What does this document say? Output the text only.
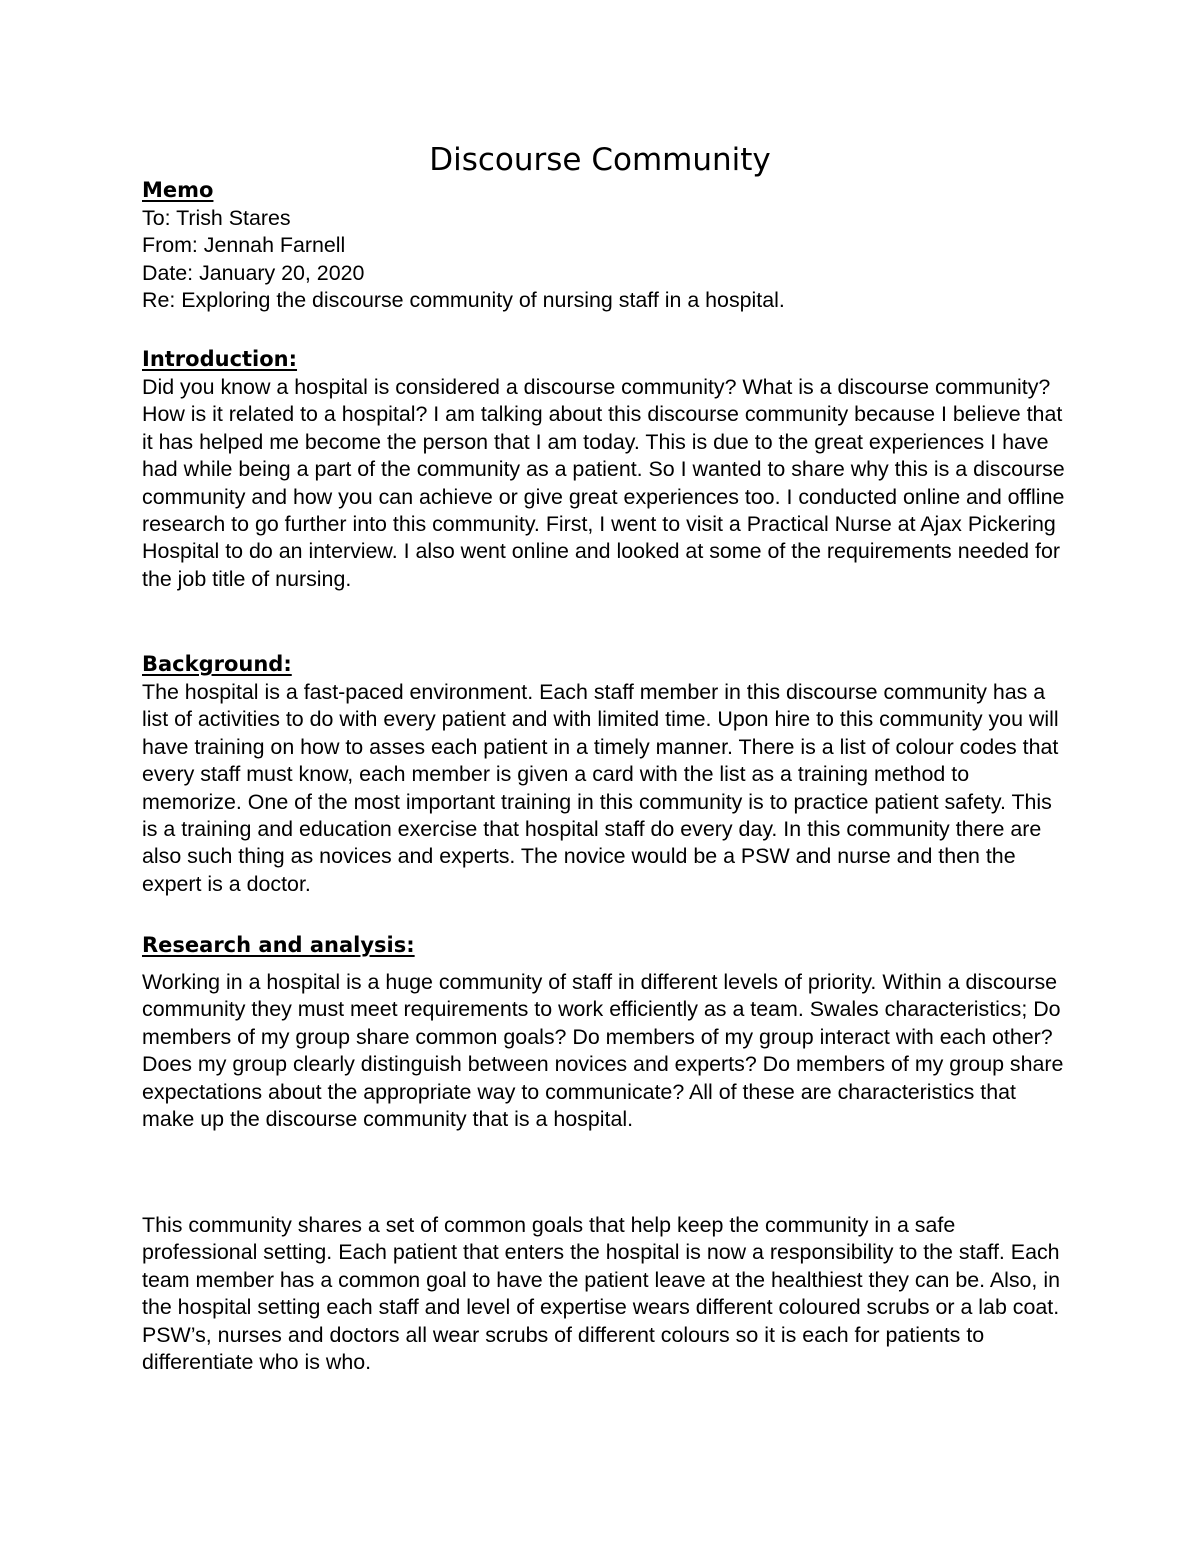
Discourse Community
Memo
To: Trish Stares
From: Jennah Farnell
Date: January 20, 2020
Re: Exploring the discourse community of nursing staff in a hospital.
Introduction:

Did you know a hospital is considered a discourse community? What is a discourse community? How is it related to a hospital? I am talking about this discourse community because I believe that it has helped me become the person that I am today. This is due to the great experiences I have had while being a part of the community as a patient. So I wanted to share why this is a discourse community and how you can achieve or give great experiences too. I conducted online and offline research to go further into this community. First, I went to visit a Practical Nurse at Ajax Pickering Hospital to do an interview. I also went online and looked at some of the requirements needed for the job title of nursing.

Background:

The hospital is a fast-paced environment. Each staff member in this discourse community has a list of activities to do with every patient and with limited time. Upon hire to this community you will have training on how to asses each patient in a timely manner. There is a list of colour codes that every staff must know, each member is given a card with the list as a training method to memorize. One of the most important training in this community is to practice patient safety. This is a training and education exercise that hospital staff do every day. In this community there are also such thing as novices and experts. The novice would be a PSW and nurse and then the expert is a doctor.

Research and analysis:

Working in a hospital is a huge community of staff in different levels of priority. Within a discourse community they must meet requirements to work efficiently as a team. Swales characteristics; Do members of my group share common goals? Do members of my group interact with each other? Does my group clearly distinguish between novices and experts? Do members of my group share expectations about the appropriate way to communicate? All of these are characteristics that make up the discourse community that is a hospital.

This community shares a set of common goals that help keep the community in a safe professional setting. Each patient that enters the hospital is now a responsibility to the staff. Each team member has a common goal to have the patient leave at the healthiest they can be. Also, in the hospital setting each staff and level of expertise wears different coloured scrubs or a lab coat. PSW’s, nurses and doctors all wear scrubs of different colours so it is each for patients to differentiate who is who.
